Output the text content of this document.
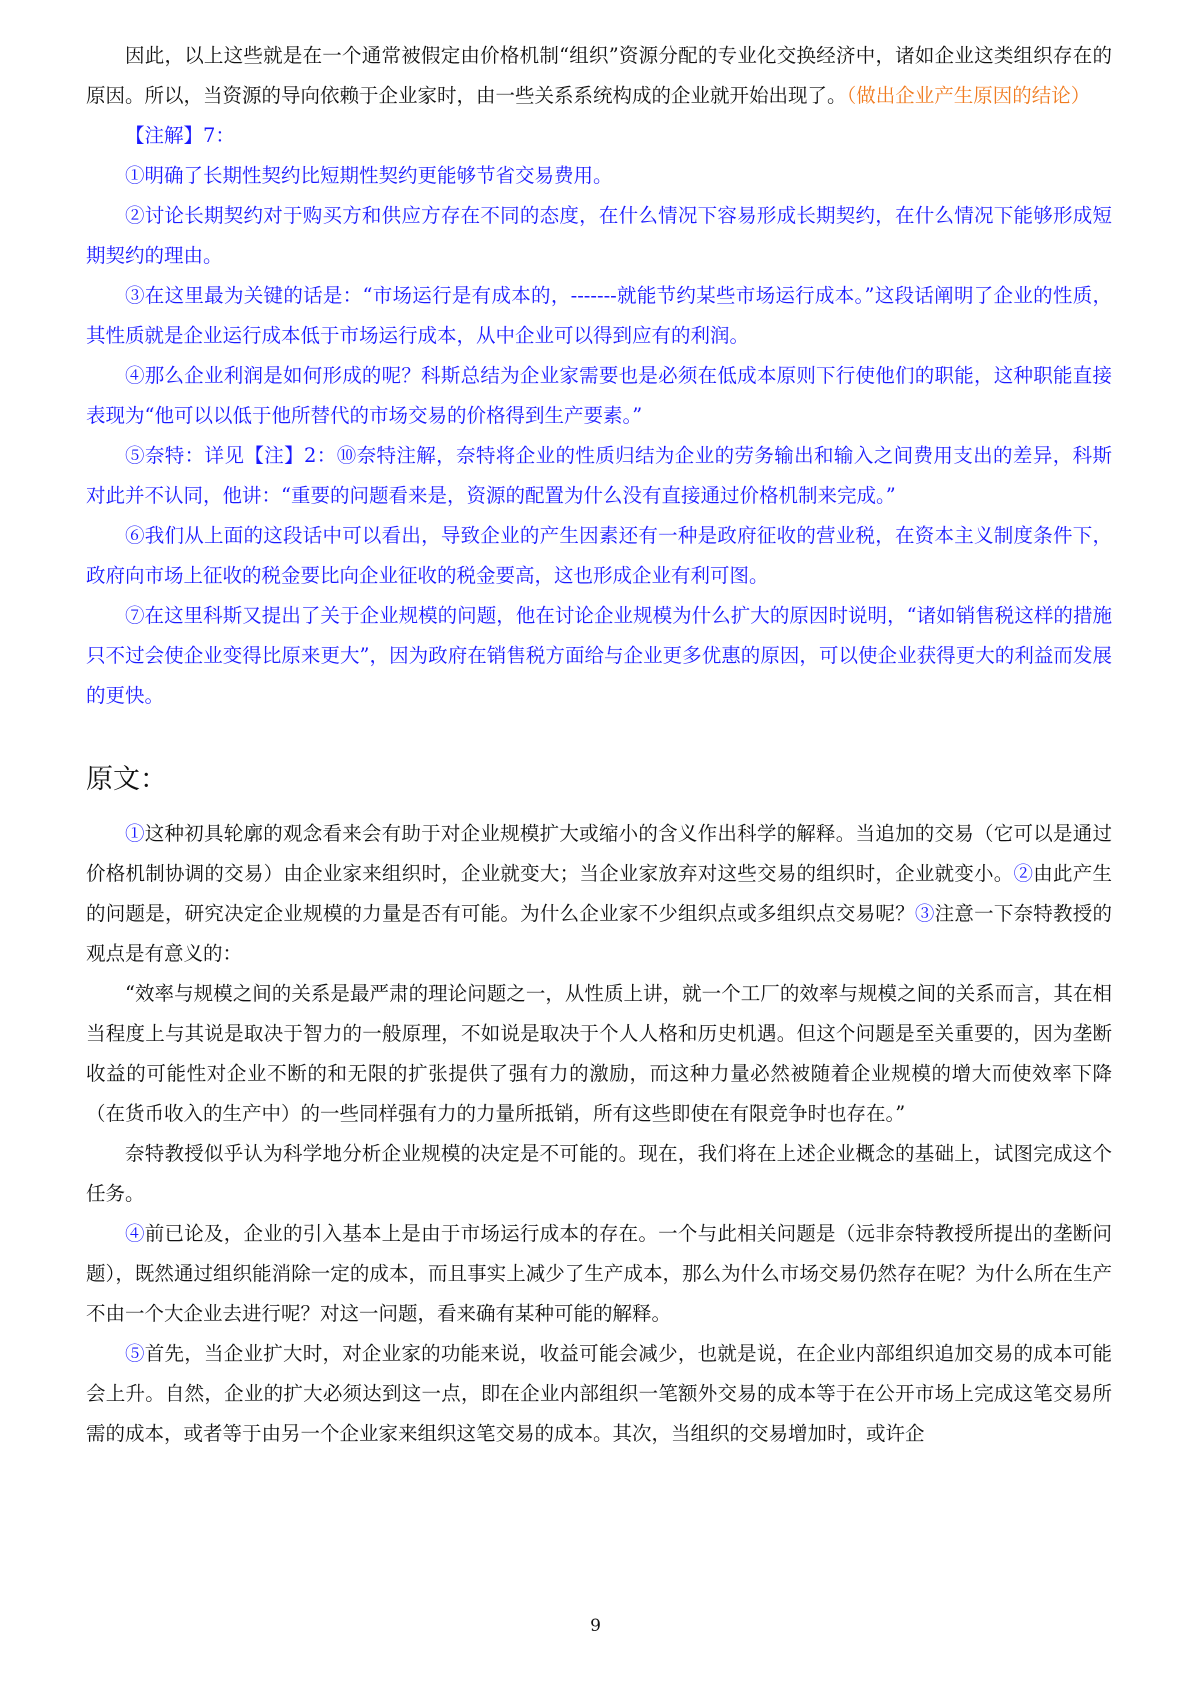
因此，以上这些就是在一个通常被假定由价格机制“组织”资源分配的专业化交换经济中，诸如企业这类组织存在的原因。所以，当资源的导向依赖于企业家时，由一些关系系统构成的企业就开始出现了。（做出企业产生原因的结论）

【注解】7：

①明确了长期性契约比短期性契约更能够节省交易费用。

②讨论长期契约对于购买方和供应方存在不同的态度，在什么情况下容易形成长期契约，在什么情况下能够形成短期契约的理由。

③在这里最为关键的话是：“市场运行是有成本的，-------就能节约某些市场运行成本。”这段话阐明了企业的性质，其性质就是企业运行成本低于市场运行成本，从中企业可以得到应有的利润。

④那么企业利润是如何形成的呢？科斯总结为企业家需要也是必须在低成本原则下行使他们的职能，这种职能直接表现为“他可以以低于他所替代的市场交易的价格得到生产要素。”

⑤奈特：详见【注】2：⑩奈特注解，奈特将企业的性质归结为企业的劳务输出和输入之间费用支出的差异，科斯对此并不认同，他讲：“重要的问题看来是，资源的配置为什么没有直接通过价格机制来完成。”

⑥我们从上面的这段话中可以看出，导致企业的产生因素还有一种是政府征收的营业税，在资本主义制度条件下，政府向市场上征收的税金要比向企业征收的税金要高，这也形成企业有利可图。

⑦在这里科斯又提出了关于企业规模的问题，他在讨论企业规模为什么扩大的原因时说明，“诸如销售税这样的措施只不过会使企业变得比原来更大”，因为政府在销售税方面给与企业更多优惠的原因，可以使企业获得更大的利益而发展的更快。

原文：

①这种初具轮廓的观念看来会有助于对企业规模扩大或缩小的含义作出科学的解释。当追加的交易（它可以是通过价格机制协调的交易）由企业家来组织时，企业就变大；当企业家放弃对这些交易的组织时，企业就变小。②由此产生的问题是，研究决定企业规模的力量是否有可能。为什么企业家不少组织点或多组织点交易呢？③注意一下奈特教授的观点是有意义的：

“效率与规模之间的关系是最严肃的理论问题之一，从性质上讲，就一个工厂的效率与规模之间的关系而言，其在相当程度上与其说是取决于智力的一般原理，不如说是取决于个人人格和历史机遇。但这个问题是至关重要的，因为垄断收益的可能性对企业不断的和无限的扩张提供了强有力的激励，而这种力量必然被随着企业规模的增大而使效率下降（在货币收入的生产中）的一些同样强有力的力量所抵销，所有这些即使在有限竞争时也存在。”

奈特教授似乎认为科学地分析企业规模的决定是不可能的。现在，我们将在上述企业概念的基础上，试图完成这个任务。

④前已论及，企业的引入基本上是由于市场运行成本的存在。一个与此相关问题是（远非奈特教授所提出的垄断问题），既然通过组织能消除一定的成本，而且事实上减少了生产成本，那么为什么市场交易仍然存在呢？为什么所在生产不由一个大企业去进行呢？对这一问题，看来确有某种可能的解释。

⑤首先，当企业扩大时，对企业家的功能来说，收益可能会减少，也就是说，在企业内部组织追加交易的成本可能会上升。自然，企业的扩大必须达到这一点，即在企业内部组织一笔额外交易的成本等于在公开市场上完成这笔交易所需的成本，或者等于由另一个企业家来组织这笔交易的成本。其次，当组织的交易增加时，或许企

9
